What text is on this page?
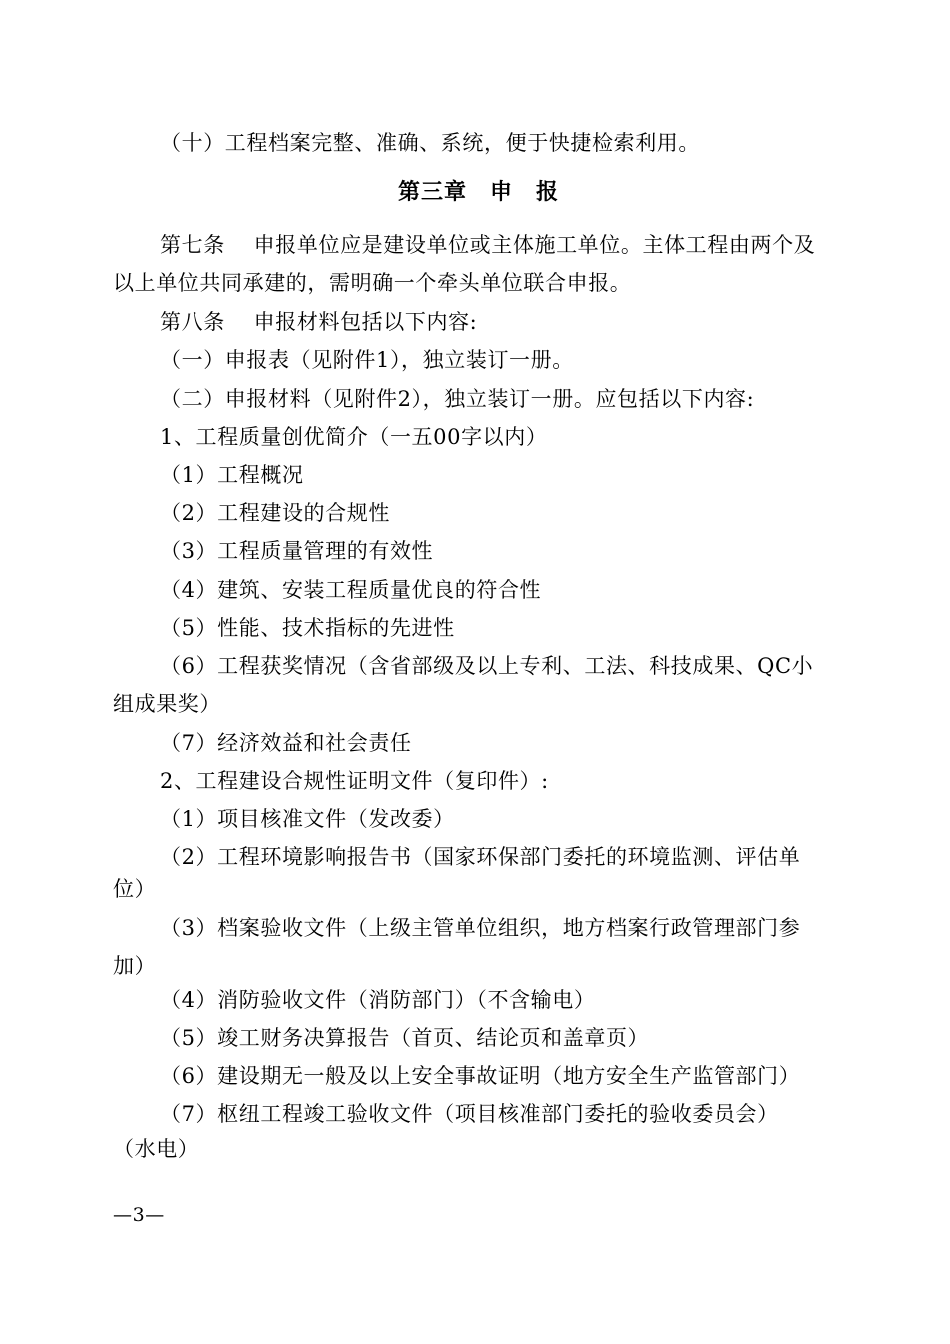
（十）工程档案完整、准确、系统，便于快捷检索利用。
第三章　申　报
第七条　 申报单位应是建设单位或主体施工单位。主体工程由两个及
以上单位共同承建的，需明确一个牵头单位联合申报。
第八条　 申报材料包括以下内容:
（一）申报表（见附件1），独立装订一册。
（二）申报材料（见附件2），独立装订一册。应包括以下内容:
1、工程质量创优简介（一五00字以内）
（1）工程概况
（2）工程建设的合规性
（3）工程质量管理的有效性
（4）建筑、安装工程质量优良的符合性
（5）性能、技术指标的先进性
（6）工程获奖情况（含省部级及以上专利、工法、科技成果、QC小
组成果奖）
（7）经济效益和社会责任
2、工程建设合规性证明文件（复印件）:
（1）项目核准文件（发改委）
（2）工程环境影响报告书（国家环保部门委托的环境监测、评估单
位）
（3）档案验收文件（上级主管单位组织，地方档案行政管理部门参
加）
（4）消防验收文件（消防部门）（不含输电）
（5）竣工财务决算报告（首页、结论页和盖章页）
（6）建设期无一般及以上安全事故证明（地方安全生产监管部门）
（7）枢纽工程竣工验收文件（项目核准部门委托的验收委员会）
（水电）
—3—
